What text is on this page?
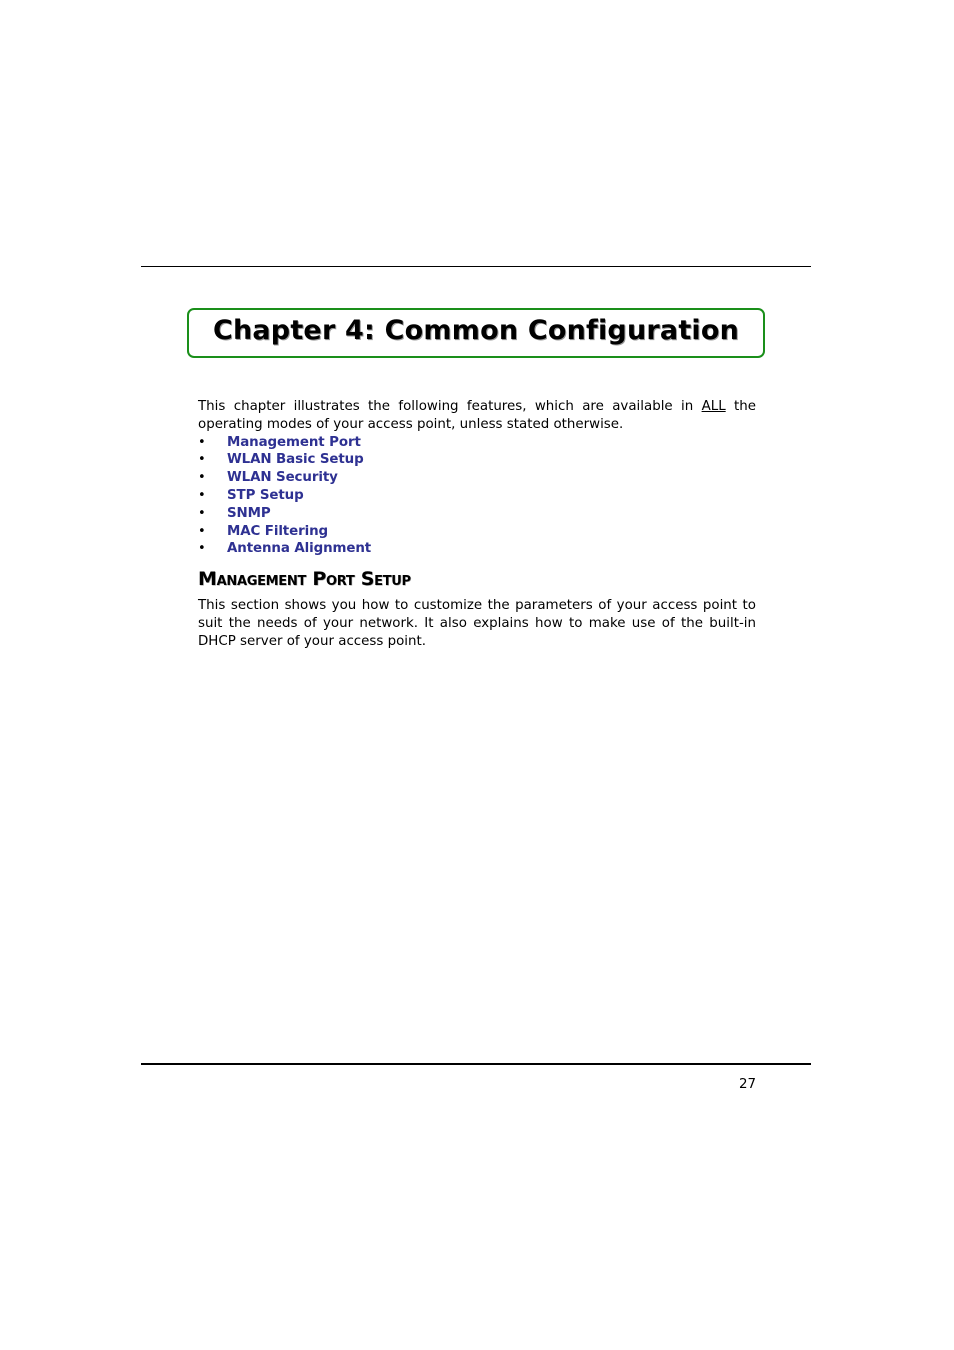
Chapter 4: Common Configuration

This chapter illustrates the following features, which are available in ALL the operating modes of your access point, unless stated otherwise.

• Management Port
• WLAN Basic Setup
• WLAN Security
• STP Setup
• SNMP
• MAC Filtering
• Antenna Alignment
Management Port Setup

This section shows you how to customize the parameters of your access point to suit the needs of your network. It also explains how to make use of the built-in DHCP server of your access point.

27
